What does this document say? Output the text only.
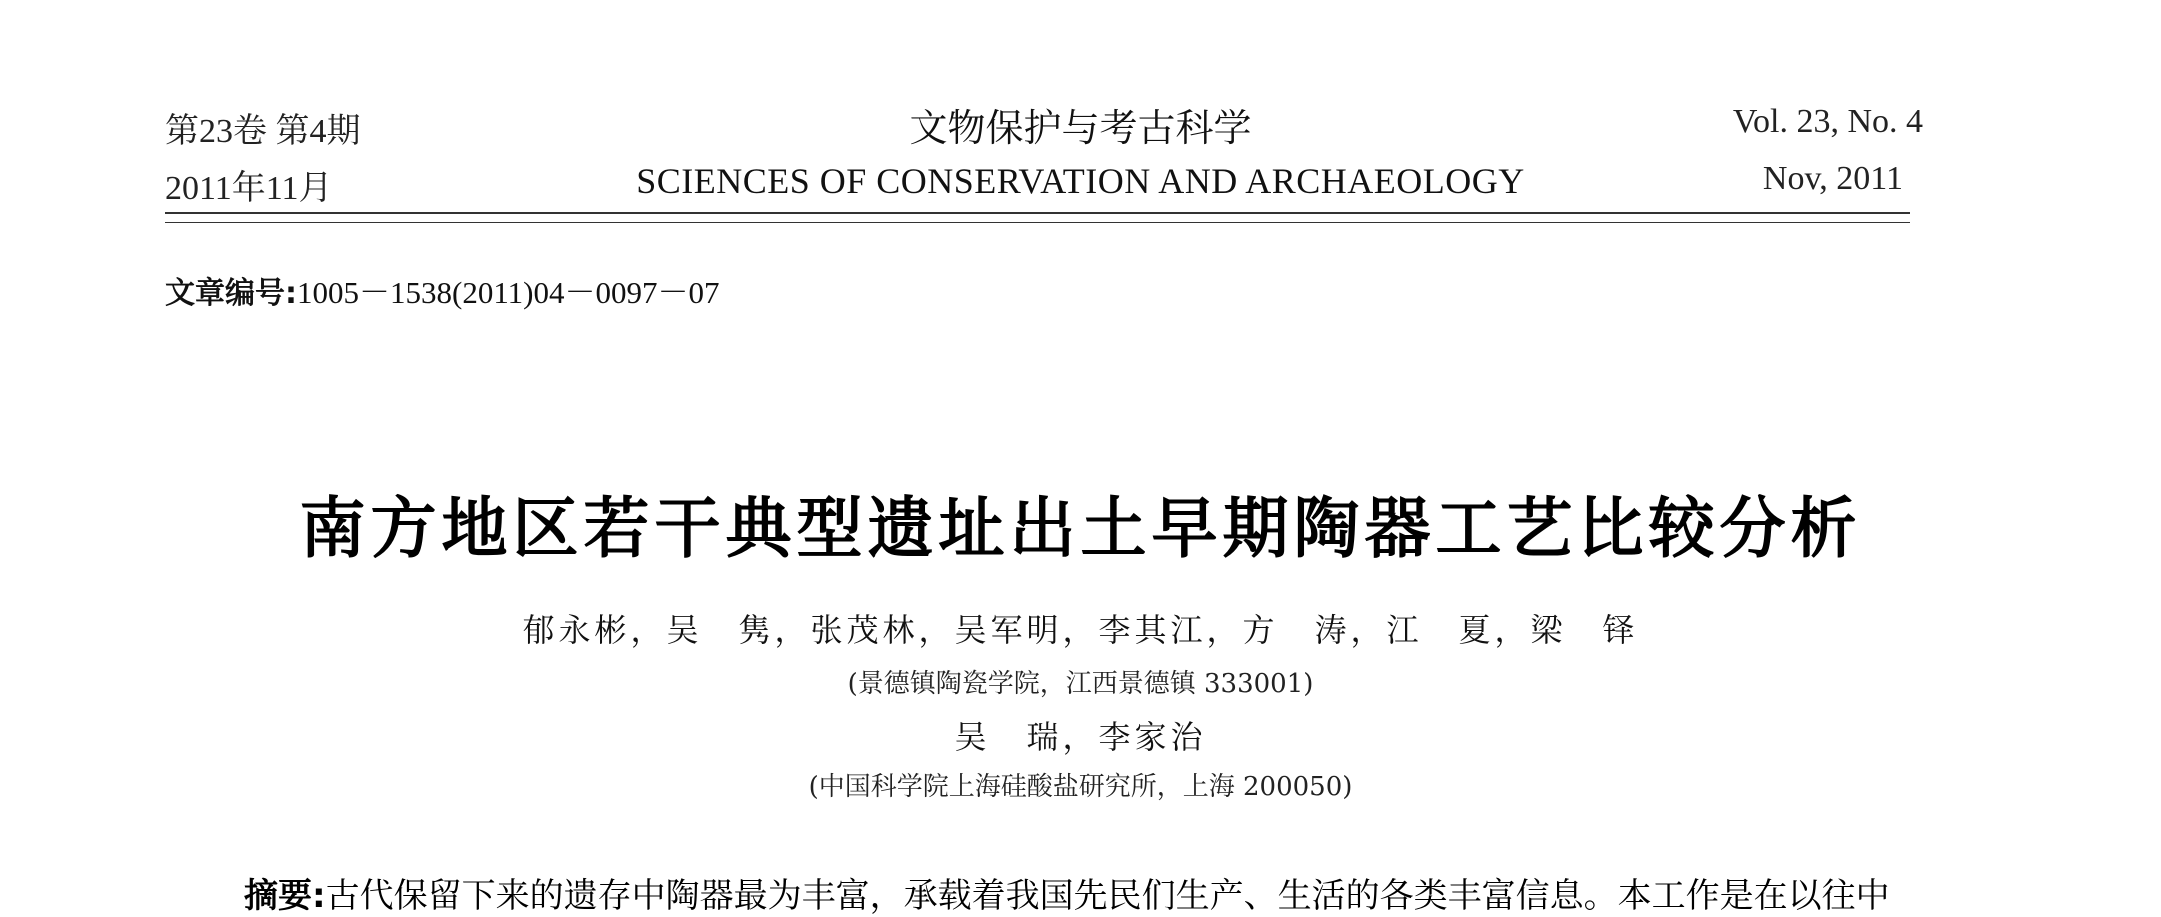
第23卷 第4期
2011年11月
文物保护与考古科学
SCIENCES OF CONSERVATION AND ARCHAEOLOGY
Vol. 23, No. 4
Nov, 2011
文章编号:1005－1538(2011)04－0097－07
南方地区若干典型遗址出土早期陶器工艺比较分析
郁永彬，吴　隽，张茂林，吴军明，李其江，方　涛，江　夏，梁　铎
(景德镇陶瓷学院，江西景德镇 333001)
吴　瑞，李家治
(中国科学院上海硅酸盐研究所，上海 200050)
摘要:古代保留下来的遗存中陶器最为丰富，承载着我国先民们生产、生活的各类丰富信息。本工作是在以往中
